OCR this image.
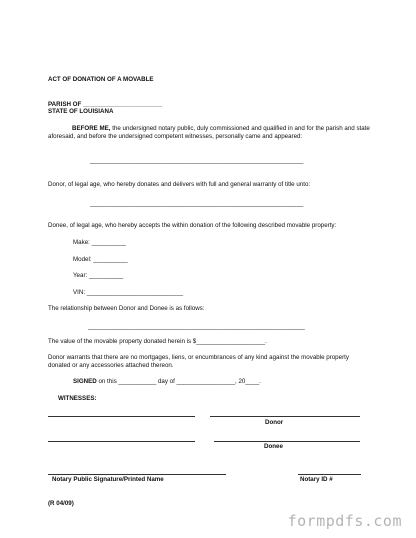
ACT OF DONATION OF A MOVABLE
PARISH OF _______________________
STATE OF LOUISIANA
BEFORE ME, the undersigned notary public, duly commissioned and qualified in and for the parish and state aforesaid, and before the undersigned competent witnesses, personally came and appeared:
______________________________________________________________
Donor, of legal age, who hereby donates and delivers with full and general warranty of title unto:
______________________________________________________________
Donee, of legal age, who hereby accepts the within donation of the following described movable property:
Make: __________
Model: __________
Year: __________
VIN: ____________________________
The relationship between Donor and Donee is as follows:
_______________________________________________________________
The value of the movable property donated herein is $____________________.
Donor warrants that there are no mortgages, liens, or encumbrances of any kind against the movable property donated or any accessories attached thereon.
SIGNED on this ___________ day of _________________, 20____.
WITNESSES:
Donor
Donee
Notary Public Signature/Printed Name	Notary ID #
(R 04/09)
formpdfs.com
